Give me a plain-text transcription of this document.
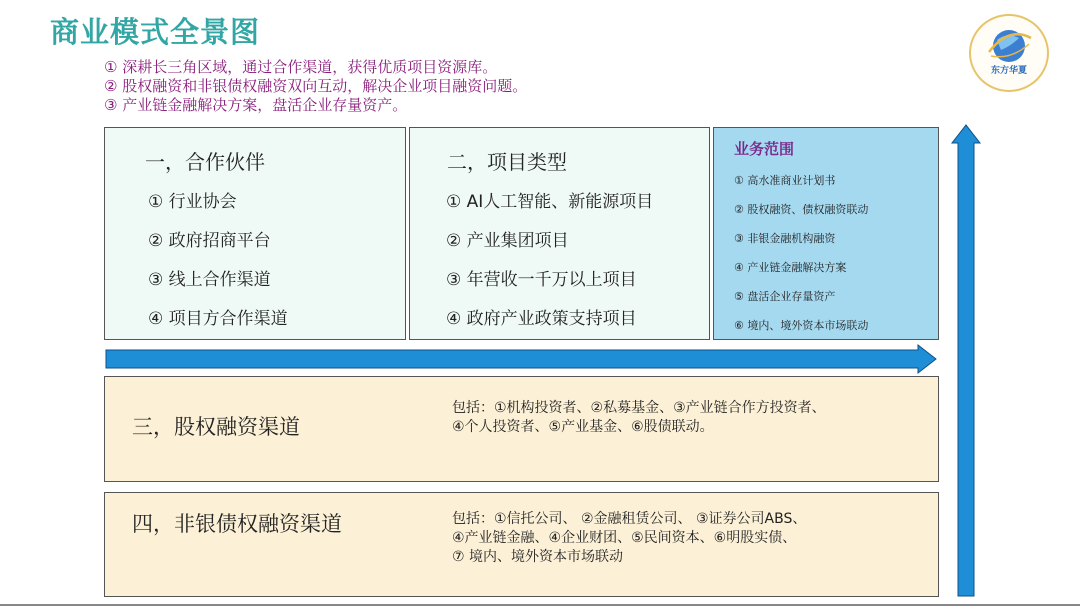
商业模式全景图
① 深耕长三角区域，通过合作渠道，获得优质项目资源库。
② 股权融资和非银债权融资双向互动，解决企业项目融资问题。
③ 产业链金融解决方案，盘活企业存量资产。
东方华夏
一，合作伙伴
① 行业协会
② 政府招商平台
③ 线上合作渠道
④ 项目方合作渠道
二，项目类型
① AI人工智能、新能源项目
② 产业集团项目
③ 年营收一千万以上项目
④ 政府产业政策支持项目
业务范围
① 高水准商业计划书
② 股权融资、债权融资联动
③ 非银金融机构融资
④ 产业链金融解决方案
⑤ 盘活企业存量资产
⑥ 境内、境外资本市场联动
三，股权融资渠道
包括：①机构投资者、②私募基金、③产业链合作方投资者、
④个人投资者、⑤产业基金、⑥股债联动。
四，非银债权融资渠道	包括：①信托公司、 ②金融租赁公司、 ③证券公司ABS、
④产业链金融、④企业财团、⑤民间资本、⑥明股实债、
⑦ 境内、境外资本市场联动
